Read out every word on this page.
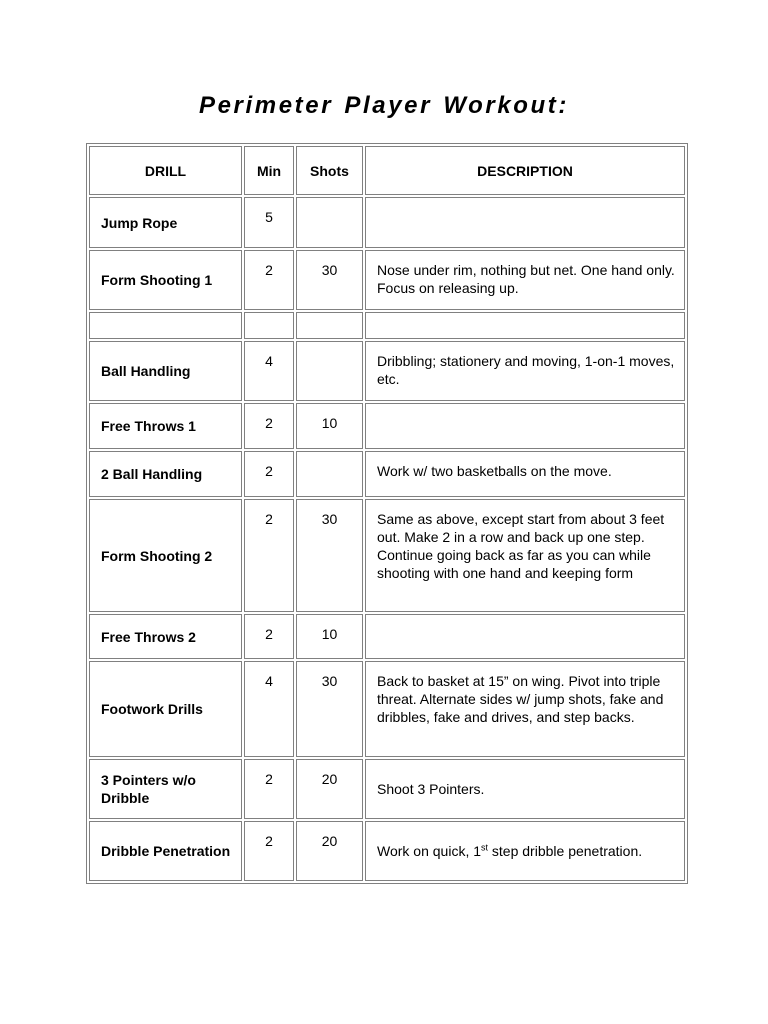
Perimeter Player Workout:
DRILL	Min	Shots	DESCRIPTION
Jump Rope	5		
Form Shooting 1	2	30	Nose under rim, nothing but net. One hand only. Focus on releasing up.

Ball Handling	4		Dribbling; stationery and moving, 1-on-1 moves, etc.
Free Throws 1	2	10	
2 Ball Handling	2		Work w/ two basketballs on the move.
Form Shooting 2	2	30	Same as above, except start from about 3 feet out. Make 2 in a row and back up one step. Continue going back as far as you can while shooting with one hand and keeping form
Free Throws 2	2	10	
Footwork Drills	4	30	Back to basket at 15” on wing. Pivot into triple threat. Alternate sides w/ jump shots, fake and dribbles, fake and drives, and step backs.
3 Pointers w/o Dribble	2	20	Shoot 3 Pointers.
Dribble Penetration	2	20	Work on quick, 1st step dribble penetration.
